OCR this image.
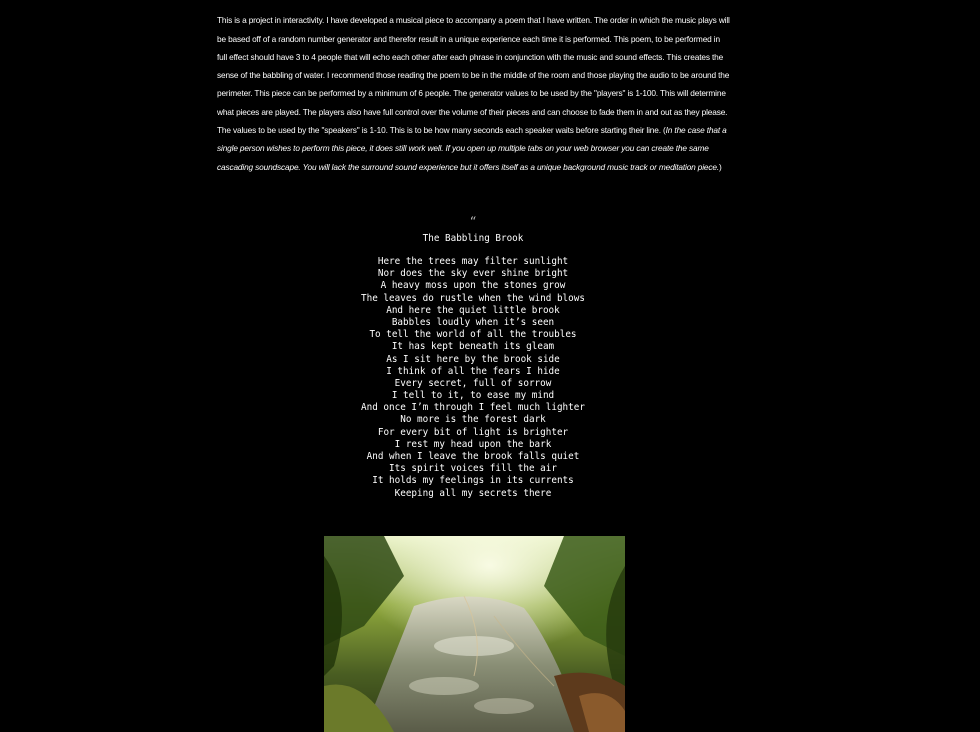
This is a project in interactivity. I have developed a musical piece to accompany a poem that I have written. The order in which the music plays will be based off of a random number generator and therefor result in a unique experience each time it is performed. This poem, to be performed in full effect should have 3 to 4 people that will echo each other after each phrase in conjunction with the music and sound effects. This creates the sense of the babbling of water. I recommend those reading the poem to be in the middle of the room and those playing the audio to be around the perimeter. This piece can be performed by a minimum of 6 people. The generator values to be used by the "players" is 1-100. This will determine what pieces are played. The players also have full control over the volume of their pieces and can choose to fade them in and out as they please. The values to be used by the "speakers" is 1-10. This is to be how many seconds each speaker waits before starting their line. (In the case that a single person wishes to perform this piece, it does still work well. If you open up multiple tabs on your web browser you can create the same cascading soundscape. You will lack the surround sound experience but it offers itself as a unique background music track or meditation piece.)

“
The Babbling Brook
Here the trees may filter sunlight
Nor does the sky ever shine bright
A heavy moss upon the stones grow
The leaves do rustle when the wind blows
And here the quiet little brook
Babbles loudly when it’s seen
To tell the world of all the troubles
It has kept beneath its gleam
As I sit here by the brook side
I think of all the fears I hide
Every secret, full of sorrow
I tell to it, to ease my mind
And once I’m through I feel much lighter
No more is the forest dark
For every bit of light is brighter
I rest my head upon the bark
And when I leave the brook falls quiet
Its spirit voices fill the air
It holds my feelings in its currents
Keeping all my secrets there
